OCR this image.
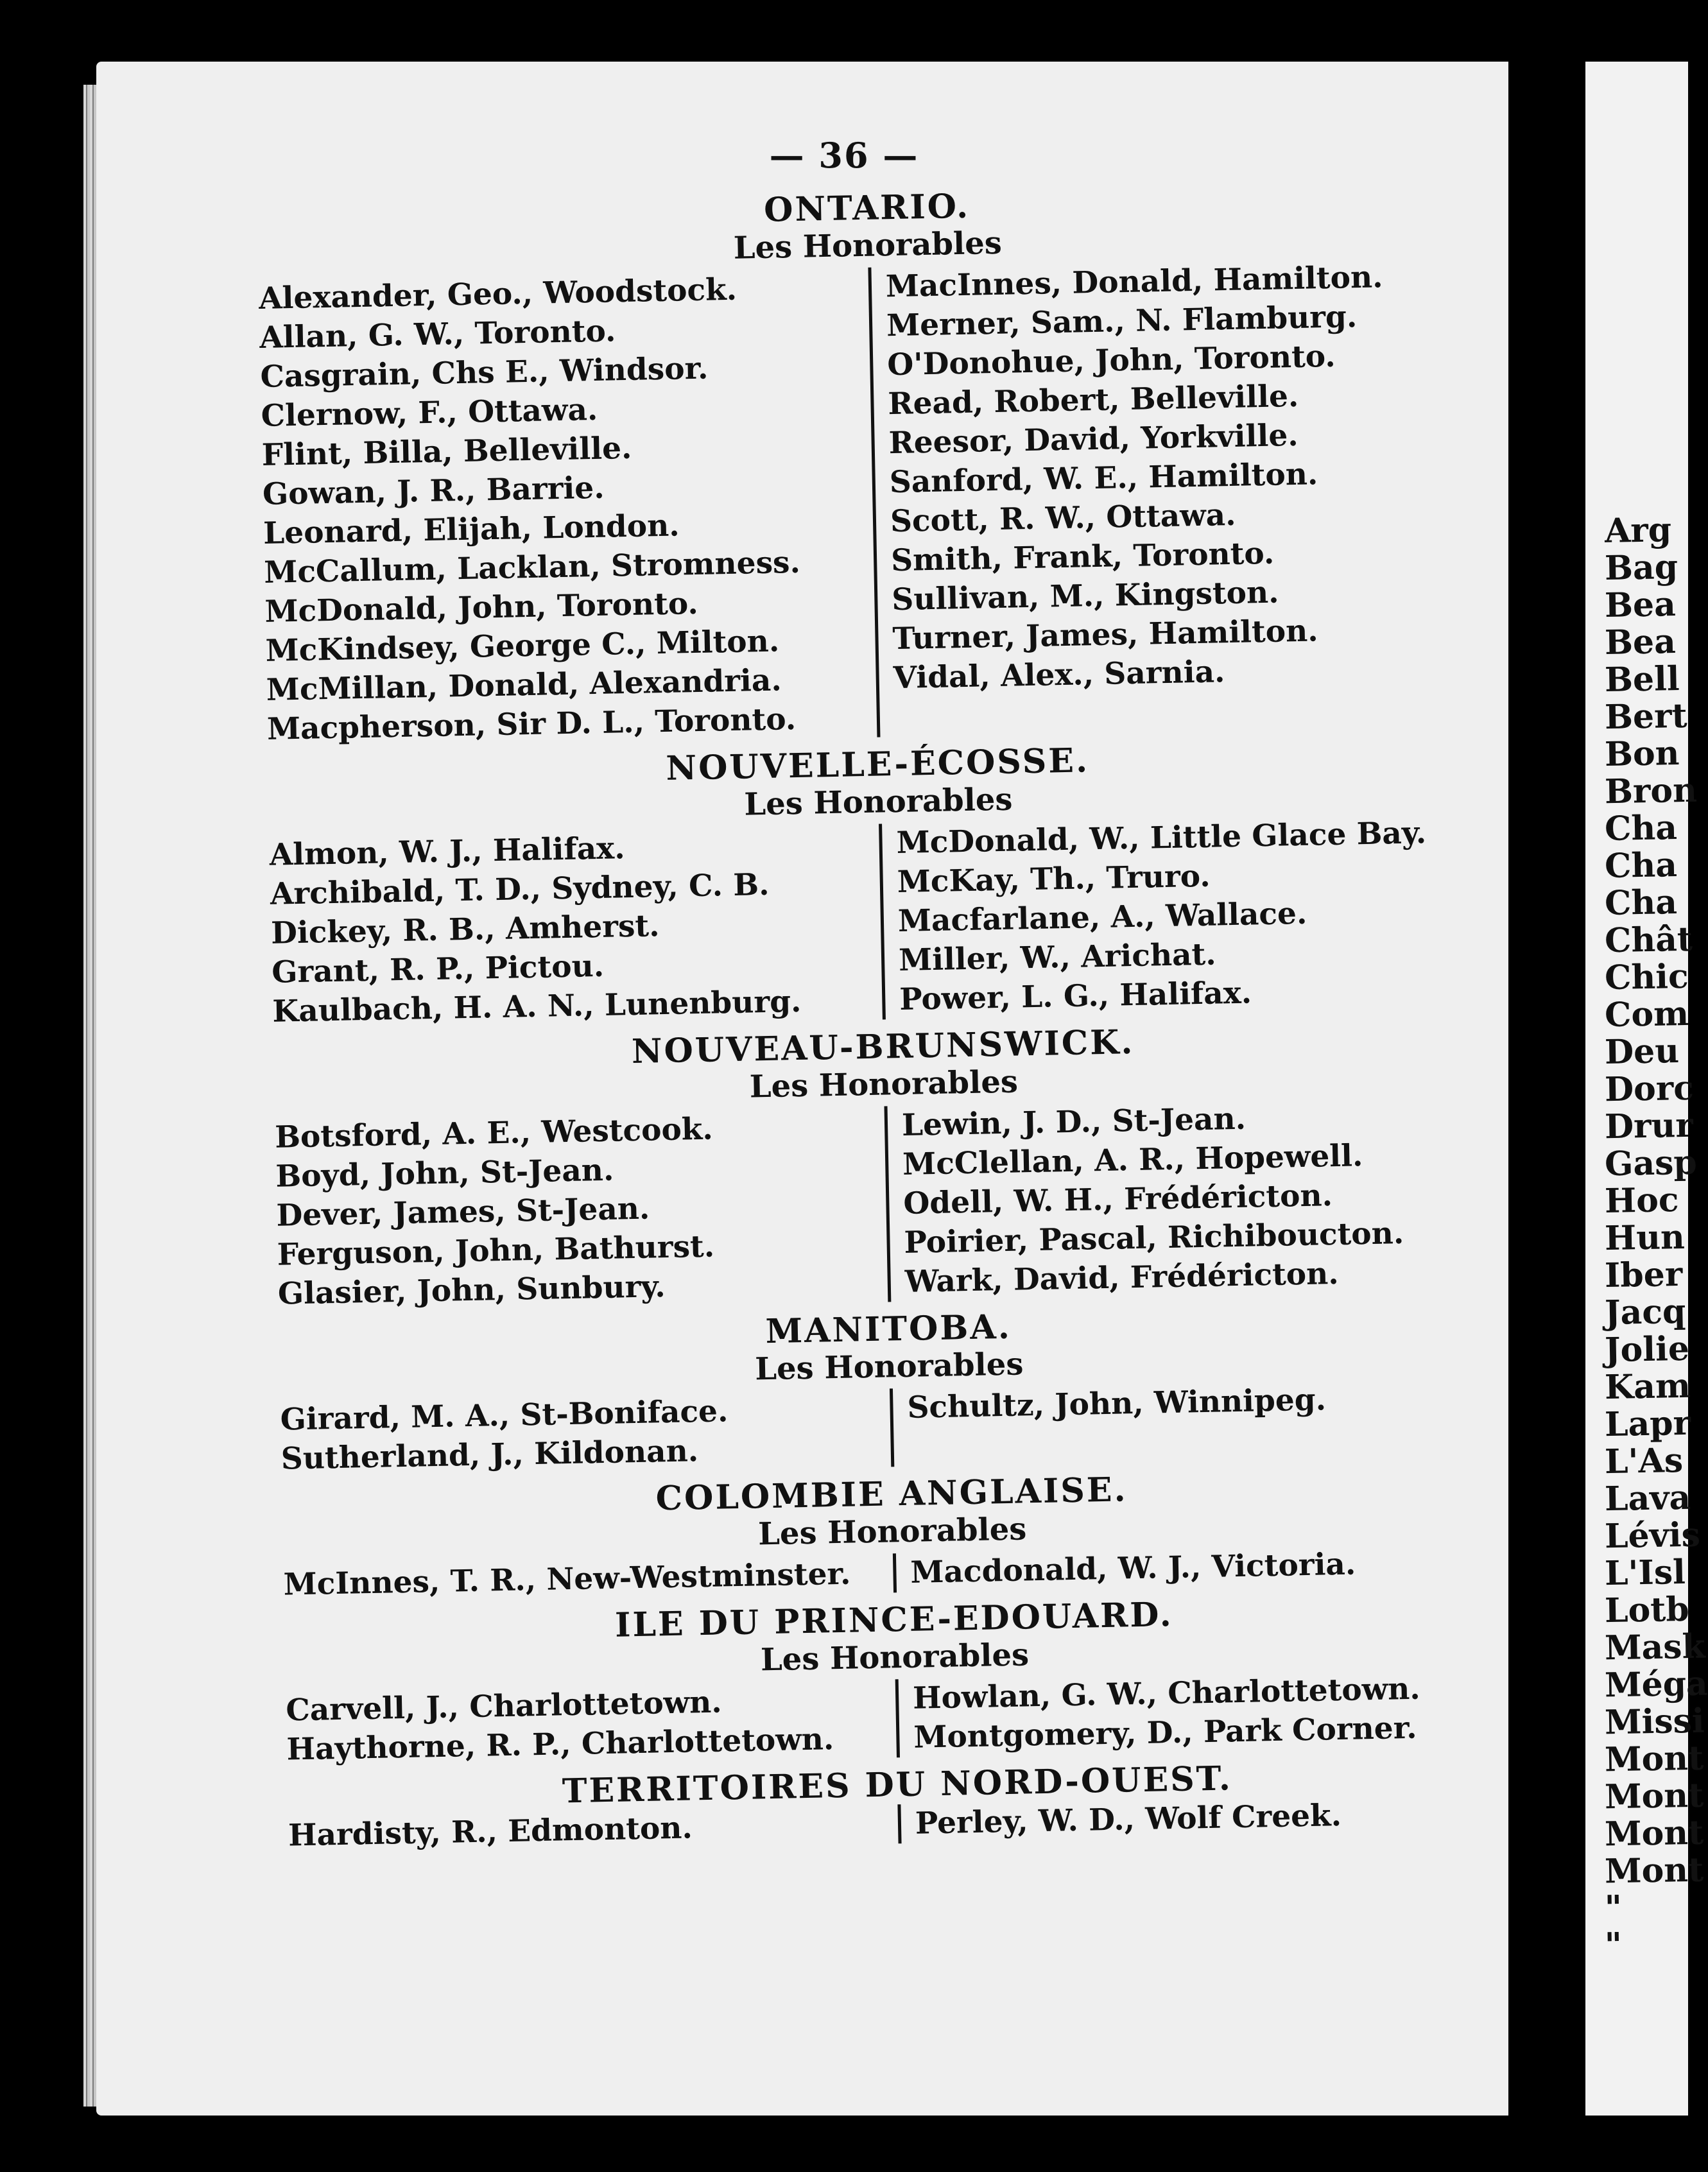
Arg
Bag
Bea
Bea
Bell
Bert
Bon
Bron
Cha
Cha
Cha
Chât
Chic
Com
Deu
Dorc
Drur
Gasp
Hoc
Hun
Iber
Jacq
Jolie
Kam
Lapr
L'As
Lava
Lévis
L'Isl
Lotb
Mask
Méga
Missi
Mont
Mont
Mont
Mont
"
"
— 36 —
ONTARIO.
Les Honorables
Alexander, Geo., Woodstock.
Allan, G. W., Toronto.
Casgrain, Chs E., Windsor.
Clernow, F., Ottawa.
Flint, Billa, Belleville.
Gowan, J. R., Barrie.
Leonard, Elijah, London.
McCallum, Lacklan, Stromness.
McDonald, John, Toronto.
McKindsey, George C., Milton.
McMillan, Donald, Alexandria.
Macpherson, Sir D. L., Toronto.
MacInnes, Donald, Hamilton.
Merner, Sam., N. Flamburg.
O'Donohue, John, Toronto.
Read, Robert, Belleville.
Reesor, David, Yorkville.
Sanford, W. E., Hamilton.
Scott, R. W., Ottawa.
Smith, Frank, Toronto.
Sullivan, M., Kingston.
Turner, James, Hamilton.
Vidal, Alex., Sarnia.
NOUVELLE-ÉCOSSE.
Les Honorables
Almon, W. J., Halifax.
Archibald, T. D., Sydney, C. B.
Dickey, R. B., Amherst.
Grant, R. P., Pictou.
Kaulbach, H. A. N., Lunenburg.
McDonald, W., Little Glace Bay.
McKay, Th., Truro.
Macfarlane, A., Wallace.
Miller, W., Arichat.
Power, L. G., Halifax.
NOUVEAU-BRUNSWICK.
Les Honorables
Botsford, A. E., Westcook.
Boyd, John, St-Jean.
Dever, James, St-Jean.
Ferguson, John, Bathurst.
Glasier, John, Sunbury.
Lewin, J. D., St-Jean.
McClellan, A. R., Hopewell.
Odell, W. H., Frédéricton.
Poirier, Pascal, Richiboucton.
Wark, David, Frédéricton.
MANITOBA.
Les Honorables
Girard, M. A., St-Boniface.
Sutherland, J., Kildonan.
Schultz, John, Winnipeg.
COLOMBIE ANGLAISE.
Les Honorables
McInnes, T. R., New-Westminster.	Macdonald, W. J., Victoria.
ILE DU PRINCE-EDOUARD.
Les Honorables
Carvell, J., Charlottetown.
Haythorne, R. P., Charlottetown.
Howlan, G. W., Charlottetown.
Montgomery, D., Park Corner.
TERRITOIRES DU NORD-OUEST.
Hardisty, R., Edmonton.	Perley, W. D., Wolf Creek.
